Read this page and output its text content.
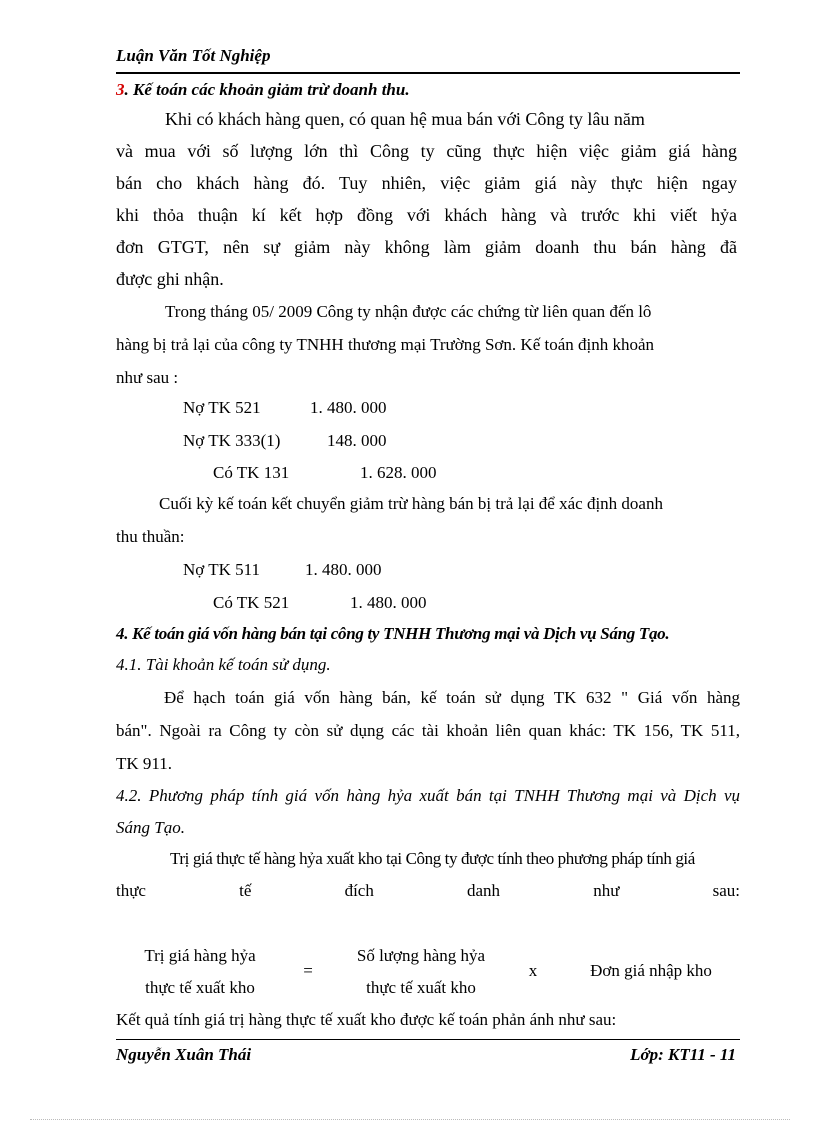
Luận Văn Tốt Nghiệp
3. Kế toán các khoản giảm trừ doanh thu.
Khi có khách hàng quen, có quan hệ mua bán với Công ty lâu năm
và mua với số lượng lớn thì Công ty cũng thực hiện việc giảm giá hàng
bán cho khách hàng đó. Tuy nhiên, việc giảm giá này thực hiện ngay
khi thỏa thuận kí kết hợp đồng với khách hàng và trước khi viết hỷa
đơn GTGT, nên sự giảm này không làm giảm doanh thu bán hàng đã
được ghi nhận.
Trong tháng 05/ 2009 Công ty nhận được các chứng từ liên quan đến lô
hàng bị trả lại của công ty TNHH thương mại Trường Sơn. Kế toán định khoản
như sau :
Nợ TK 521	1. 480. 000
Nợ TK 333(1)	148. 000
Có TK 131	1. 628. 000
Cuối kỳ kế toán kết chuyển giảm trừ hàng bán bị trả lại để xác định doanh
thu thuần:
Nợ TK 511	1. 480. 000
Có TK 521	1. 480. 000
4. Kế toán giá vốn hàng bán tại công ty TNHH Thương mại và Dịch vụ Sáng Tạo.
4.1. Tài khoản kế toán sử dụng.
Để hạch toán giá vốn hàng bán, kế toán sử dụng TK 632 " Giá vốn hàng
bán". Ngoài ra Công ty còn sử dụng các tài khoản liên quan khác: TK 156, TK 511,
TK 911.
4.2. Phương pháp tính giá vốn hàng hỷa xuất bán tại TNHH Thương mại và Dịch vụ
Sáng Tạo.
Trị giá thực tế hàng hỷa xuất kho tại Công ty được tính theo phương pháp tính giá
thực tế đích danh như sau:
Trị giá hàng hỷa
thực tế xuất kho
=
Số lượng hàng hỷa
thực tế xuất kho
x	Đơn giá nhập kho
Kết quả tính giá trị hàng thực tế xuất kho được kế toán phản ánh như sau:
Nguyễn Xuân Thái	Lớp: KT11 - 11
